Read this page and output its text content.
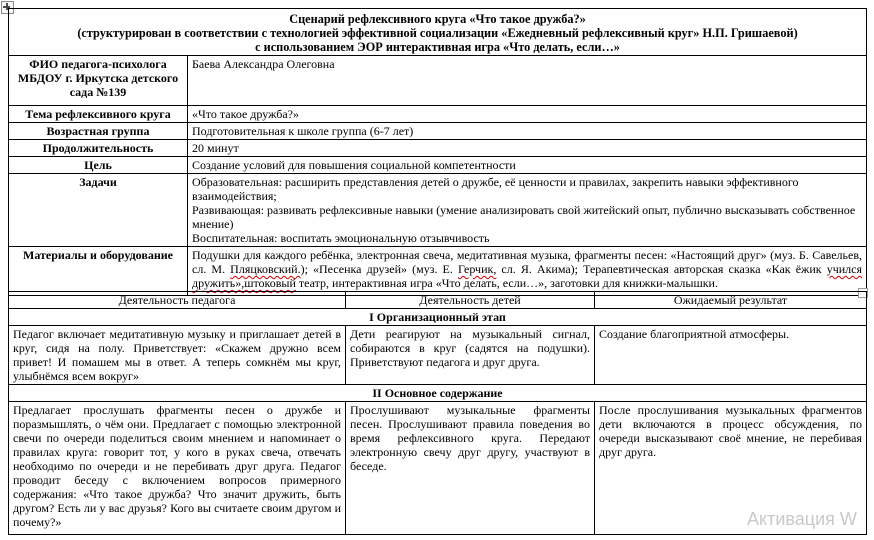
Сценарий рефлексивного круга «Что такое дружба?»
(структурирован в соответствии с технологией эффективной социализации «Ежедневный рефлексивный круг» Н.П. Гришаевой)
с использованием ЭОР интерактивная игра «Что делать, если…»	

ФИО педагога-психолога МБДОУ г. Иркутска детского сада №139	Баева Александра Олеговна
Тема рефлексивного круга	«Что такое дружба?»
Возрастная группа	Подготовительная к школе группа (6-7 лет)
Продолжительность	20 минут
Цель	Создание условий для повышения социальной компетентности
Задачи	Образовательная: расширить представления детей о дружбе, её ценности и правилах, закрепить навыки эффективного взаимодействия;
Развивающая: развивать рефлексивные навыки (умение анализировать свой житейский опыт, публично высказывать собственное мнение)
Воспитательная: воспитать эмоциональную отзывчивость

Материалы и оборудование	Подушки для каждого ребёнка, электронная свеча, медитативная музыка, фрагменты песен: «Настоящий друг» (муз. Б. Савельев, сл. М. Пляцковский.); «Песенка друзей» (муз. Е. Герчик, сл. Я. Акима); Терапевтическая авторская сказка «Как ёжик учился дружить»,штоковый театр, интерактивная игра «Что делать, если…», заготовки для книжки-малышки.
Деятельность педагога	Деятельность детей	Ожидаемый результат
I Организационный этап		
Педагог включает медитативную музыку и приглашает детей в круг, сидя на полу. Приветствует: «Скажем дружно всем привет! И помашем мы в ответ. А теперь сомкнём мы круг, улыбнёмся всем вокруг»	Дети реагируют на музыкальный сигнал, собираются в круг (садятся на подушки). Приветствуют педагога и друг друга.	Создание благоприятной атмосферы.
II Основное содержание		
Предлагает прослушать фрагменты песен о дружбе и поразмышлять, о чём они. Предлагает с помощью электронной свечи по очереди поделиться своим мнением и напоминает о правилах круга: говорит тот, у кого в руках свеча, отвечать необходимо по очереди и не перебивать друг друга. Педагог проводит беседу с включением вопросов примерного содержания: «Что такое дружба? Что значит дружить, быть другом? Есть ли у вас друзья? Кого вы считаете своим другом и почему?»	Прослушивают музыкальные фрагменты песен. Прослушивают правила поведения во время рефлексивного круга. Передают электронную свечу друг другу, участвуют в беседе.	После прослушивания музыкальных фрагментов дети включаются в процесс обсуждения, по очереди высказывают своё мнение, не перебивая друг друга.
Активация W
